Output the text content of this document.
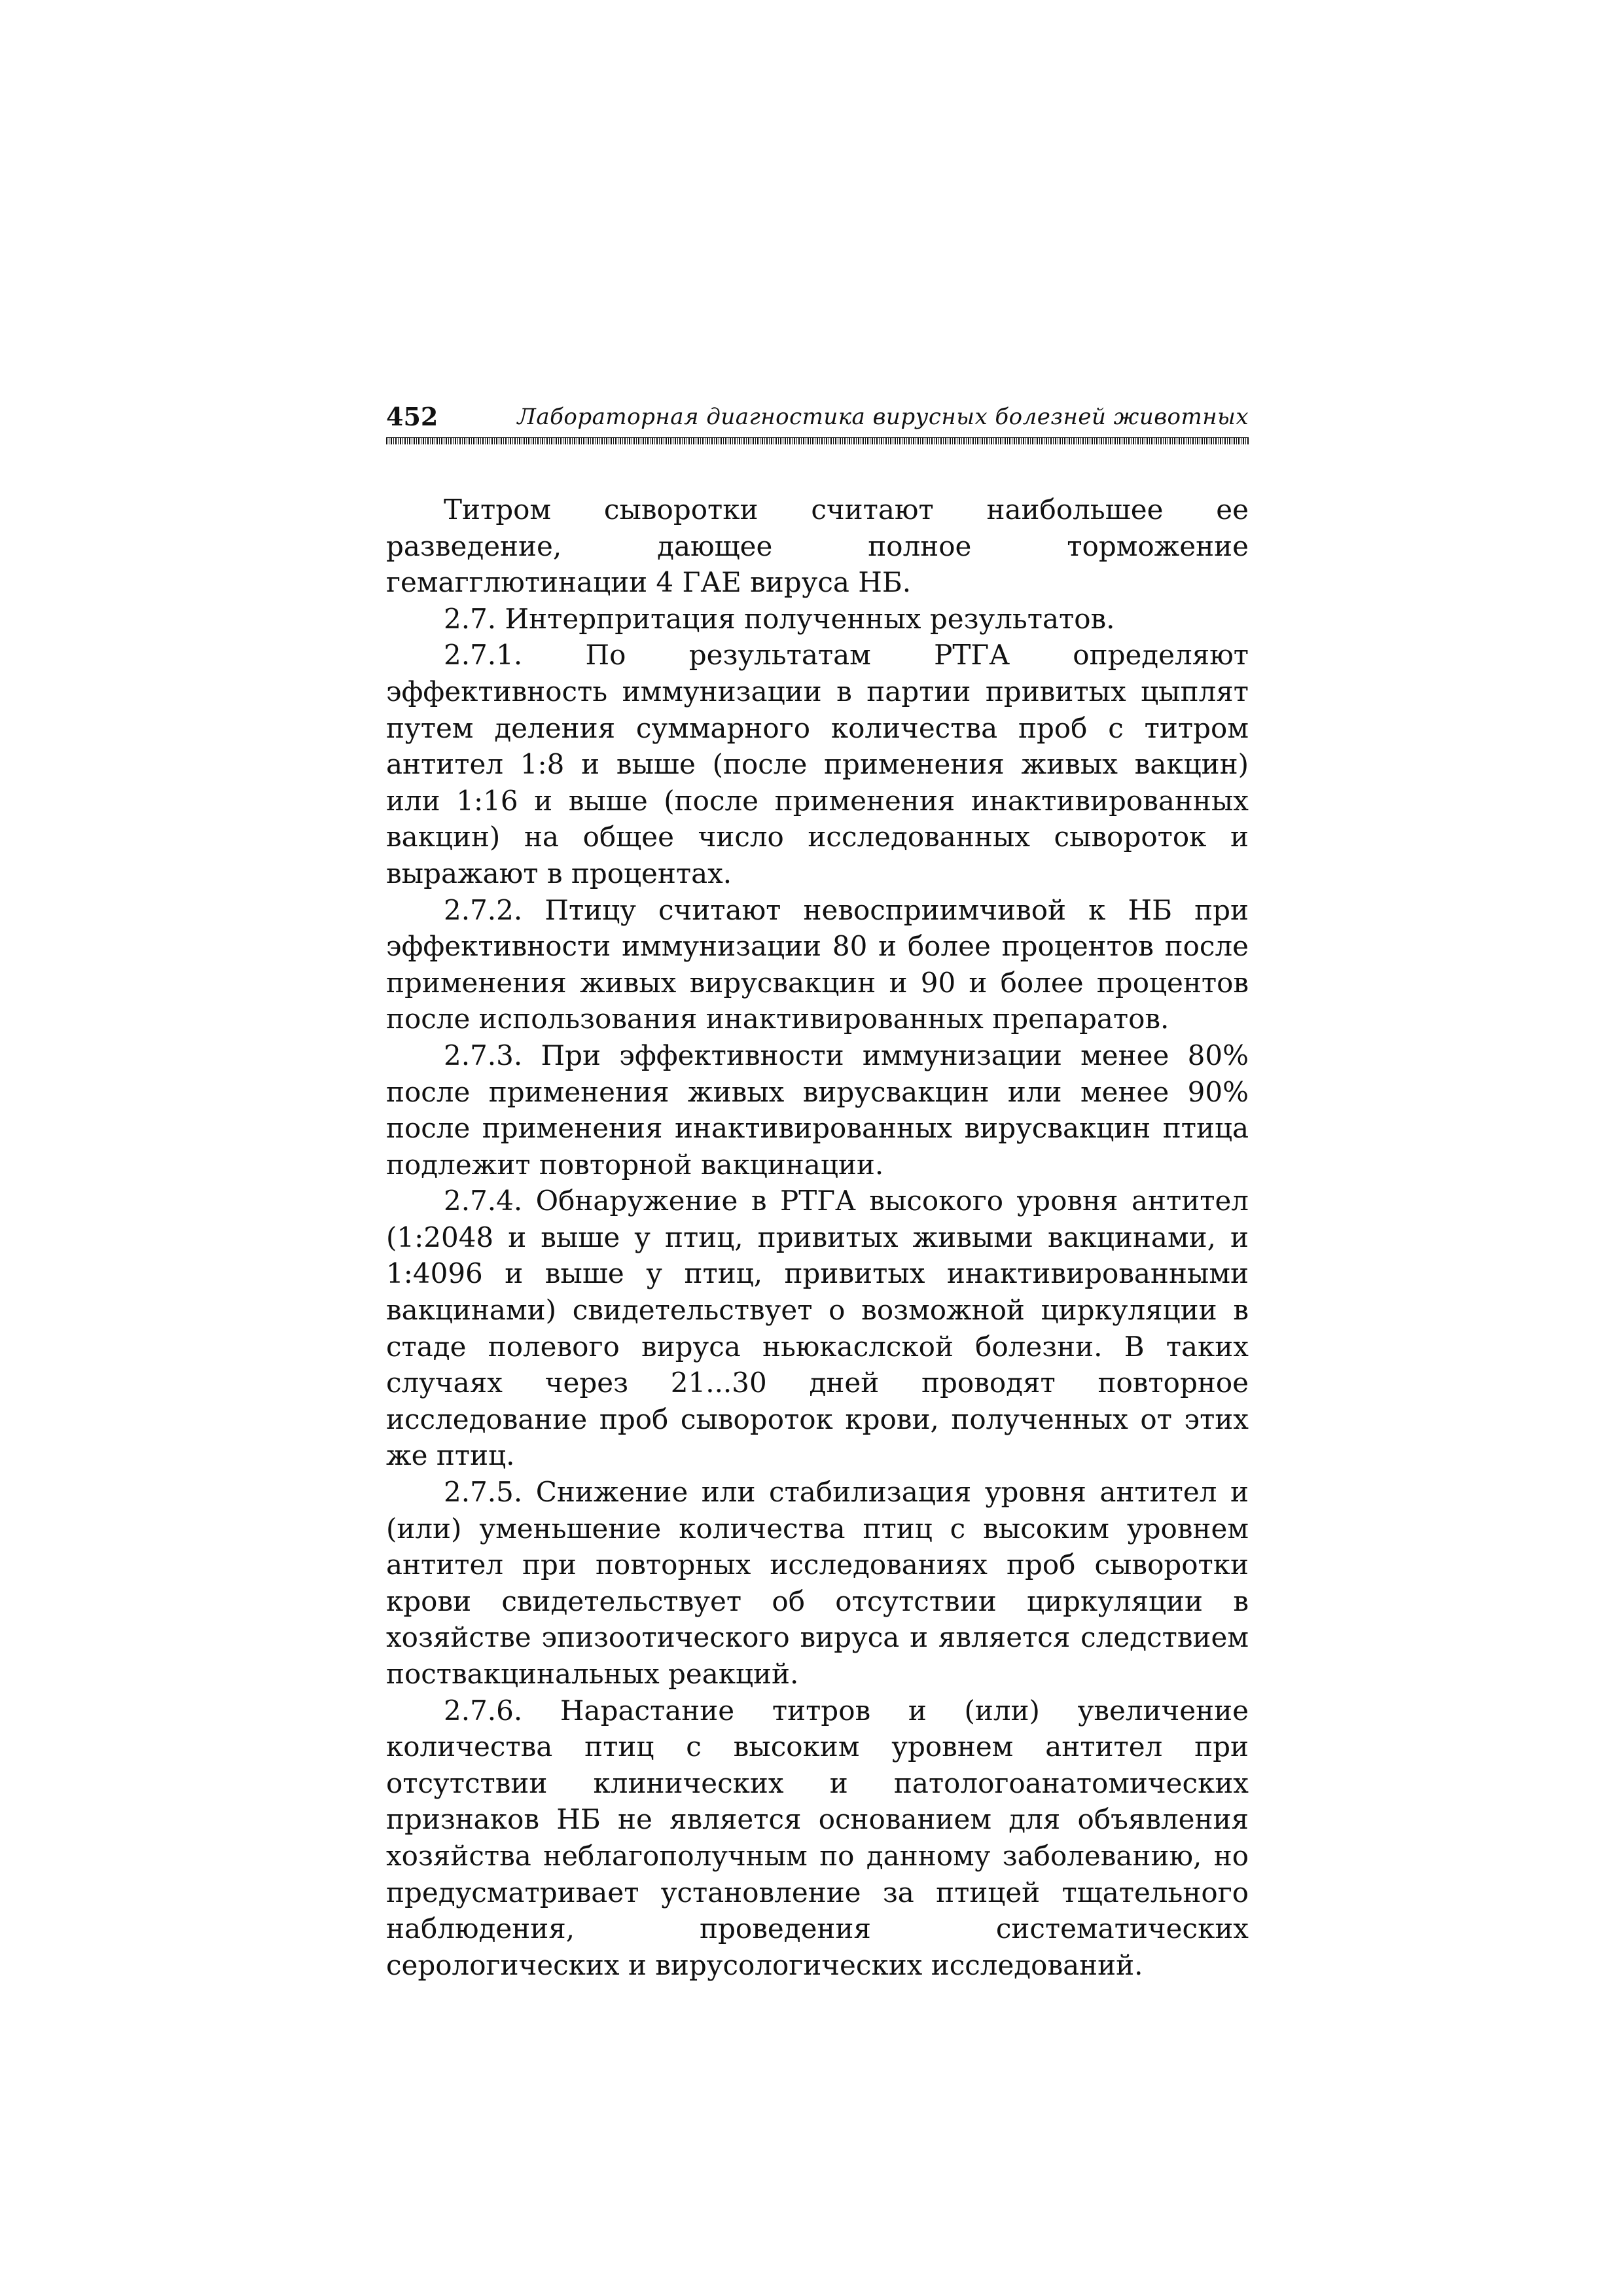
452	Лабораторная диагностика вирусных болезней животных

Титром сыворотки считают наибольшее ее разведение, дающее полное торможение гемагглютинации 4 ГАЕ вируса НБ.

2.7. Интерпритация полученных результатов.

2.7.1. По результатам РТГА определяют эффективность иммунизации в партии привитых цыплят путем деления суммарного количества проб с титром антител 1:8 и выше (после применения живых вакцин) или 1:16 и выше (после применения инактивированных вакцин) на общее число исследованных сывороток и выражают в процентах.

2.7.2. Птицу считают невосприимчивой к НБ при эффективности иммунизации 80 и более процентов после применения живых вирусвакцин и 90 и более процентов после использования инактивированных препаратов.

2.7.3. При эффективности иммунизации менее 80% после применения живых вирусвакцин или менее 90% после применения инактивированных вирусвакцин птица подлежит повторной вакцинации.

2.7.4. Обнаружение в РТГА высокого уровня антител (1:2048 и выше у птиц, привитых живыми вакцинами, и 1:4096 и выше у птиц, привитых инактивированными вакцинами) свидетельствует о возможной циркуляции в стаде полевого вируса ньюкаслской болезни. В таких случаях через 21...30 дней проводят повторное исследование проб сывороток крови, полученных от этих же птиц.

2.7.5. Снижение или стабилизация уровня антител и (или) уменьшение количества птиц с высоким уровнем антител при повторных исследованиях проб сыворотки крови свидетельствует об отсутствии циркуляции в хозяйстве эпизоотического вируса и является следствием поствакцинальных реакций.

2.7.6. Нарастание титров и (или) увеличение количества птиц с высоким уровнем антител при отсутствии клинических и патологоанатомических признаков НБ не является основанием для объявления хозяйства неблагополучным по данному заболеванию, но предусматривает установление за птицей тщательного наблюдения, проведения систематических серологических и вирусологических исследований.
